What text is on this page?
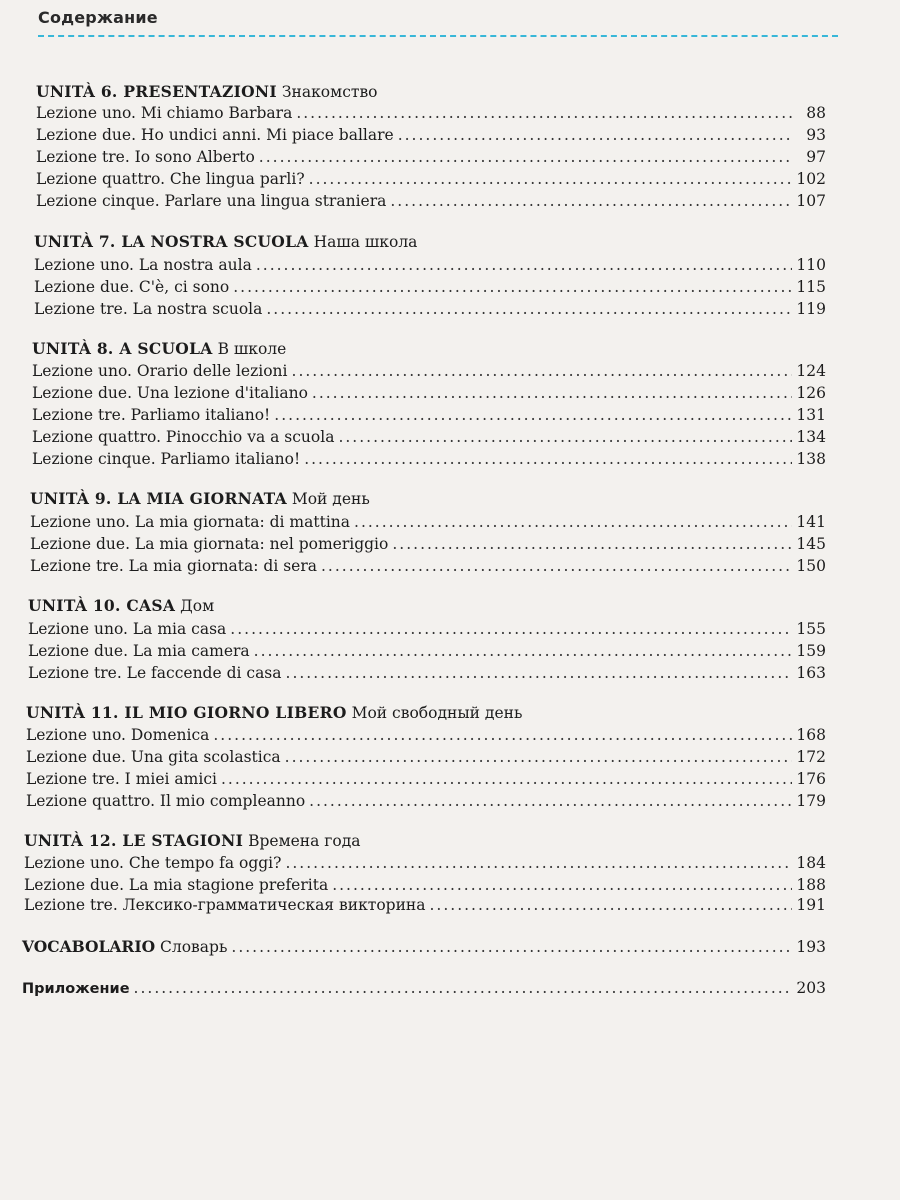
Содержание
UNITÀ 6. PRESENTAZIONI Знакомство
Lezione uno. Mi chiamo Barbara .....	88
Lezione due. Ho undici anni. Mi piace ballare .....	93
Lezione tre. Io sono Alberto .....	97
Lezione quattro. Che lingua parli? .....	102
Lezione cinque. Parlare una lingua straniera .....	107
UNITÀ 7. LA NOSTRA SCUOLA Наша школа
Lezione uno. La nostra aula .....	110
Lezione due. C'è, ci sono .....	115
Lezione tre. La nostra scuola .....	119
UNITÀ 8. A SCUOLA В школе
Lezione uno. Orario delle lezioni .....	124
Lezione due. Una lezione d'italiano .....	126
Lezione tre. Parliamo italiano! .....	131
Lezione quattro. Pinocchio va a scuola .....	134
Lezione cinque. Parliamo italiano! .....	138
UNITÀ 9. LA MIA GIORNATA Мой день
Lezione uno. La mia giornata: di mattina .....	141
Lezione due. La mia giornata: nel pomeriggio .....	145
Lezione tre. La mia giornata: di sera .....	150
UNITÀ 10. CASA Дом
Lezione uno. La mia casa .....	155
Lezione due. La mia camera .....	159
Lezione tre. Le faccende di casa .....	163
UNITÀ 11. IL MIO GIORNO LIBERO Мой свободный день
Lezione uno. Domenica .....	168
Lezione due. Una gita scolastica .....	172
Lezione tre. I miei amici .....	176
Lezione quattro. Il mio compleanno .....	179
UNITÀ 12. LE STAGIONI Времена года
Lezione uno. Che tempo fa oggi? .....	184
Lezione due. La mia stagione preferita .....	188
Lezione tre. Лексико-грамматическая викторина .....	191
VOCABOLARIO Словарь .....	193
Приложение .....	203
